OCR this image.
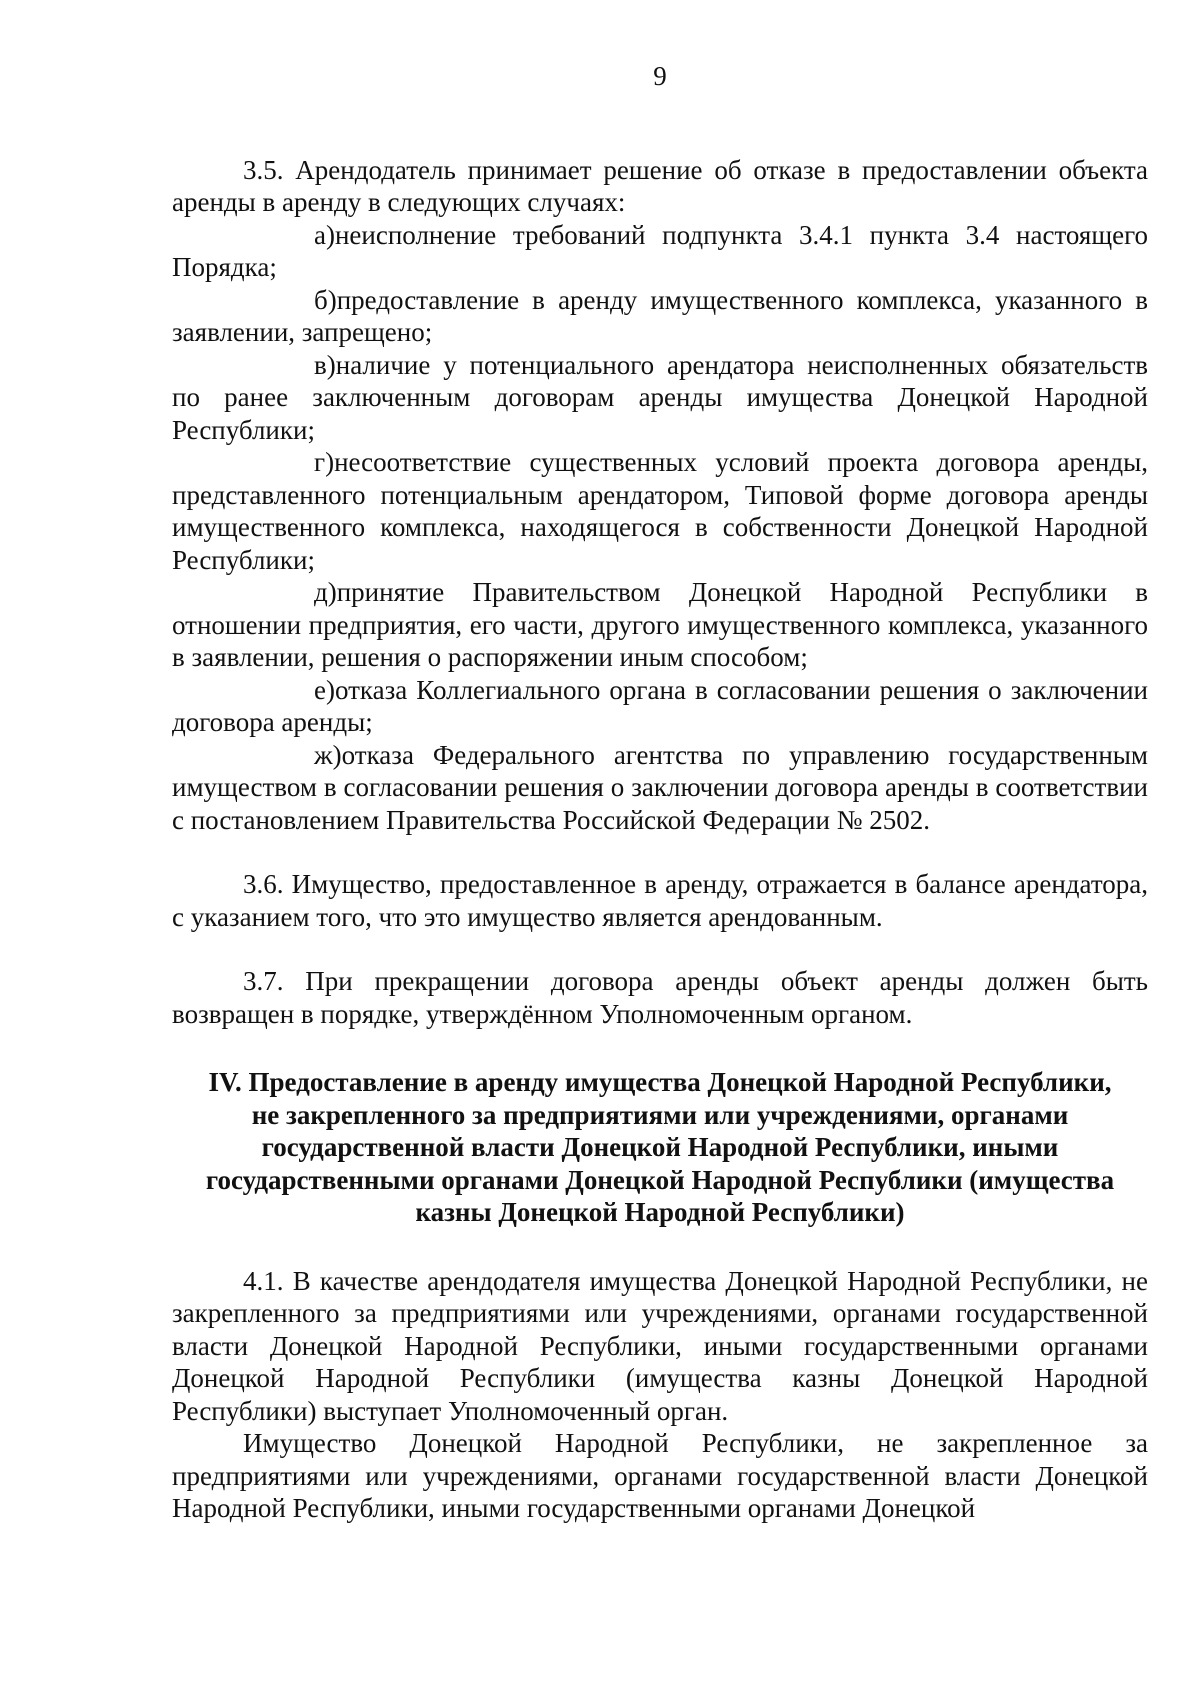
9

3.5. Арендодатель принимает решение об отказе в предоставлении объекта аренды в аренду в следующих случаях:

а)неисполнение требований подпункта 3.4.1 пункта 3.4 настоящего Порядка;

б)предоставление в аренду имущественного комплекса, указанного в заявлении, запрещено;

в)наличие у потенциального арендатора неисполненных обязательств по ранее заключенным договорам аренды имущества Донецкой Народной Республики;

г)несоответствие существенных условий проекта договора аренды, представленного потенциальным арендатором, Типовой форме договора аренды имущественного комплекса, находящегося в собственности Донецкой Народной Республики;

д)принятие Правительством Донецкой Народной Республики в отношении предприятия, его части, другого имущественного комплекса, указанного в заявлении, решения о распоряжении иным способом;

е)отказа Коллегиального органа в согласовании решения о заключении договора аренды;

ж)отказа Федерального агентства по управлению государственным имуществом в согласовании решения о заключении договора аренды в соответствии с постановлением Правительства Российской Федерации № 2502.

3.6. Имущество, предоставленное в аренду, отражается в балансе арендатора, с указанием того, что это имущество является арендованным.

3.7. При прекращении договора аренды объект аренды должен быть возвращен в порядке, утверждённом Уполномоченным органом.

IV. Предоставление в аренду имущества Донецкой Народной Республики,
не закрепленного за предприятиями или учреждениями, органами
государственной власти Донецкой Народной Республики, иными
государственными органами Донецкой Народной Республики (имущества
казны Донецкой Народной Республики)

4.1. В качестве арендодателя имущества Донецкой Народной Республики, не закрепленного за предприятиями или учреждениями, органами государственной власти Донецкой Народной Республики, иными государственными органами Донецкой Народной Республики (имущества казны Донецкой Народной Республики) выступает Уполномоченный орган.

Имущество Донецкой Народной Республики, не закрепленное за предприятиями или учреждениями, органами государственной власти Донецкой Народной Республики, иными государственными органами Донецкой
